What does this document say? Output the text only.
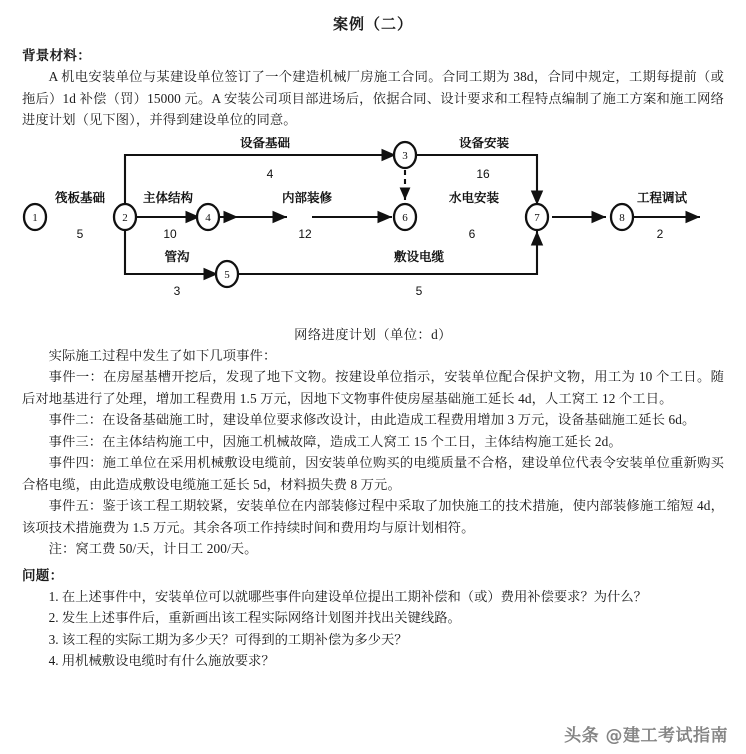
案例（二）
背景材料：

A 机电安装单位与某建设单位签订了一个建造机械厂房施工合同。合同工期为 38d，合同中规定，工期每提前（或拖后）1d 补偿（罚）15000 元。A 安装公司项目部进场后，依据合同、设计要求和工程特点编制了施工方案和施工网络进度计划（见下图），并得到建设单位的同意。

1	2
3
4
5
6	7	8
筏板基础
5
设备基础
4
主体结构
10
管沟
3
内部装修
12
设备安装
16
水电安装
6
敷设电缆
5
工程调试
2
网络进度计划（单位：d）

实际施工过程中发生了如下几项事件：

事件一：在房屋基槽开挖后，发现了地下文物。按建设单位指示，安装单位配合保护文物，用工为 10 个工日。随后对地基进行了处理，增加工程费用 1.5 万元，因地下文物事件使房屋基础施工延长 4d，人工窝工 12 个工日。

事件二：在设备基础施工时，建设单位要求修改设计，由此造成工程费用增加 3 万元，设备基础施工延长 6d。

事件三：在主体结构施工中，因施工机械故障，造成工人窝工 15 个工日，主体结构施工延长 2d。

事件四：施工单位在采用机械敷设电缆前，因安装单位购买的电缆质量不合格，建设单位代表令安装单位重新购买合格电缆，由此造成敷设电缆施工延长 5d，材料损失费 8 万元。

事件五：鉴于该工程工期较紧，安装单位在内部装修过程中采取了加快施工的技术措施，使内部装修施工缩短 4d，该项技术措施费为 1.5 万元。其余各项工作持续时间和费用均与原计划相符。

注：窝工费 50/天，计日工 200/天。

问题：

1. 在上述事件中，安装单位可以就哪些事件向建设单位提出工期补偿和（或）费用补偿要求？为什么？

2. 发生上述事件后，重新画出该工程实际网络计划图并找出关键线路。

3. 该工程的实际工期为多少天？可得到的工期补偿为多少天？

4. 用机械敷设电缆时有什么施放要求？

头条 @建工考试指南
